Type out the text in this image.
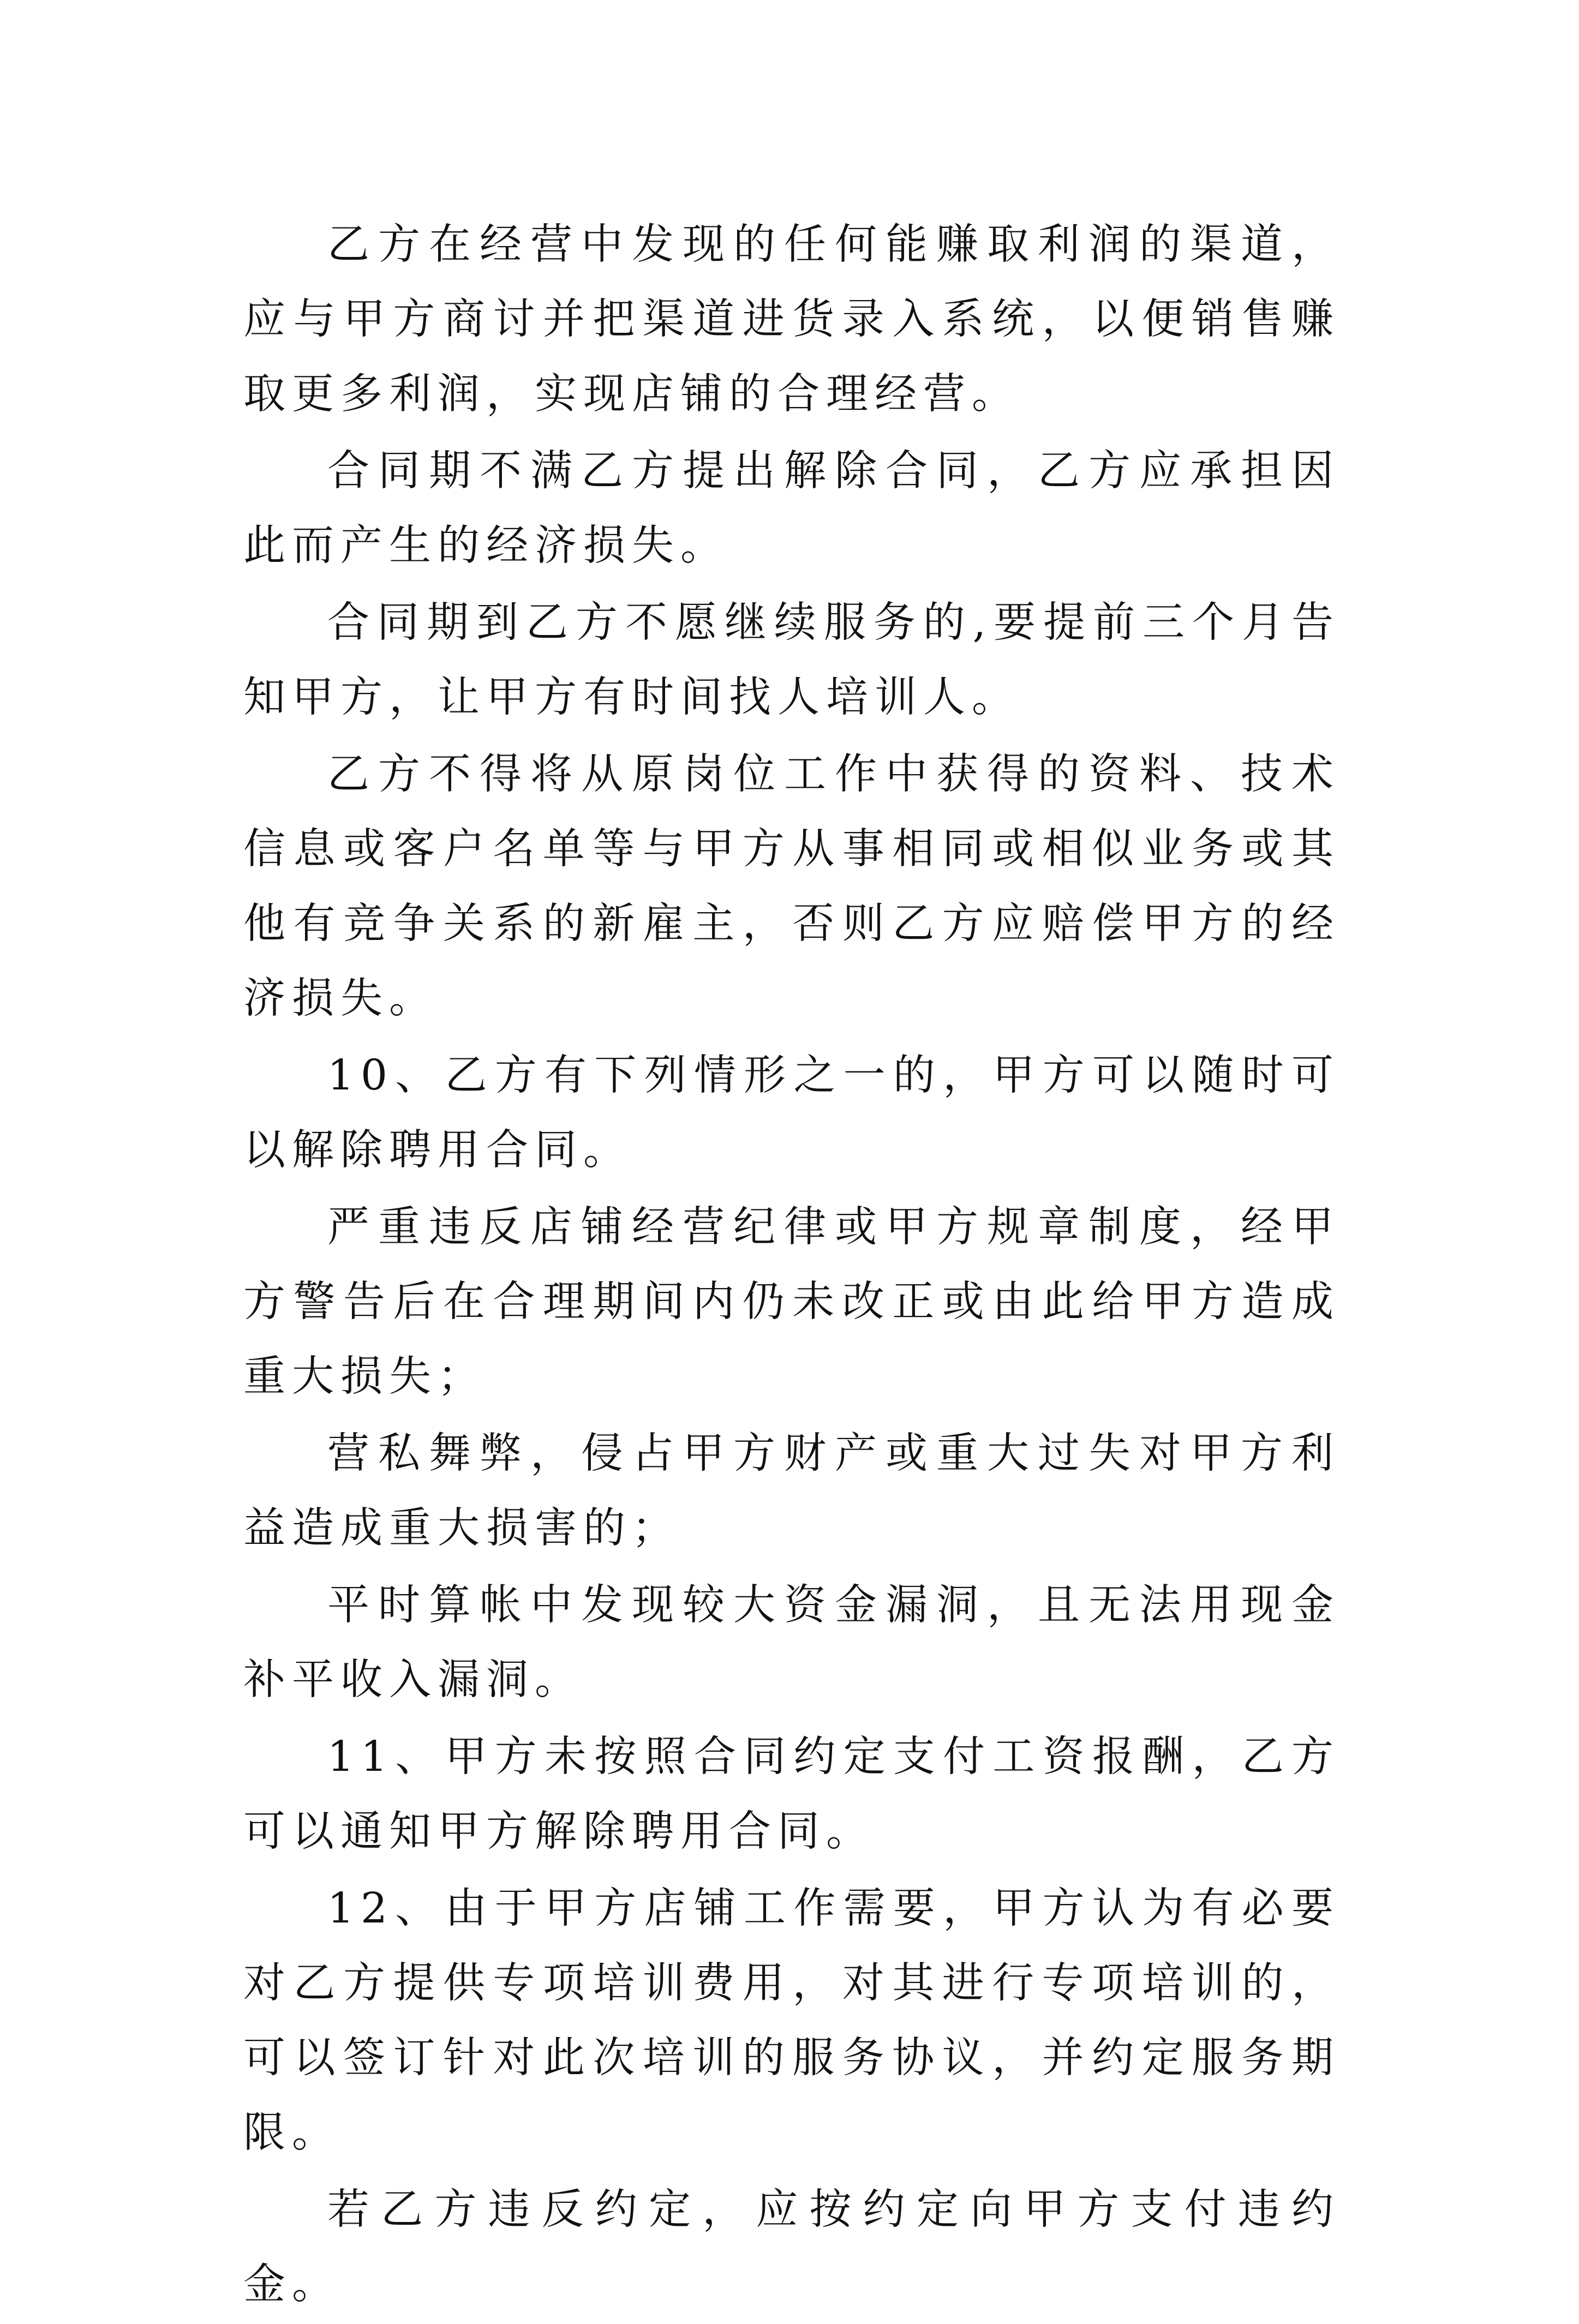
乙方在经营中发现的任何能赚取利润的渠道，应与甲方商讨并把渠道进货录入系统，以便销售赚取更多利润，实现店铺的合理经营。

合同期不满乙方提出解除合同，乙方应承担因此而产生的经济损失。

合同期到乙方不愿继续服务的,要提前三个月告知甲方，让甲方有时间找人培训人。

乙方不得将从原岗位工作中获得的资料、技术信息或客户名单等与甲方从事相同或相似业务或其他有竞争关系的新雇主，否则乙方应赔偿甲方的经济损失。

10、乙方有下列情形之一的，甲方可以随时可以解除聘用合同。

严重违反店铺经营纪律或甲方规章制度，经甲方警告后在合理期间内仍未改正或由此给甲方造成重大损失；

营私舞弊，侵占甲方财产或重大过失对甲方利益造成重大损害的；

平时算帐中发现较大资金漏洞，且无法用现金补平收入漏洞。

11、甲方未按照合同约定支付工资报酬，乙方可以通知甲方解除聘用合同。

12、由于甲方店铺工作需要，甲方认为有必要对乙方提供专项培训费用，对其进行专项培训的，可以签订针对此次培训的服务协议，并约定服务期限。

若乙方违反约定，应按约定向甲方支付违约金。
